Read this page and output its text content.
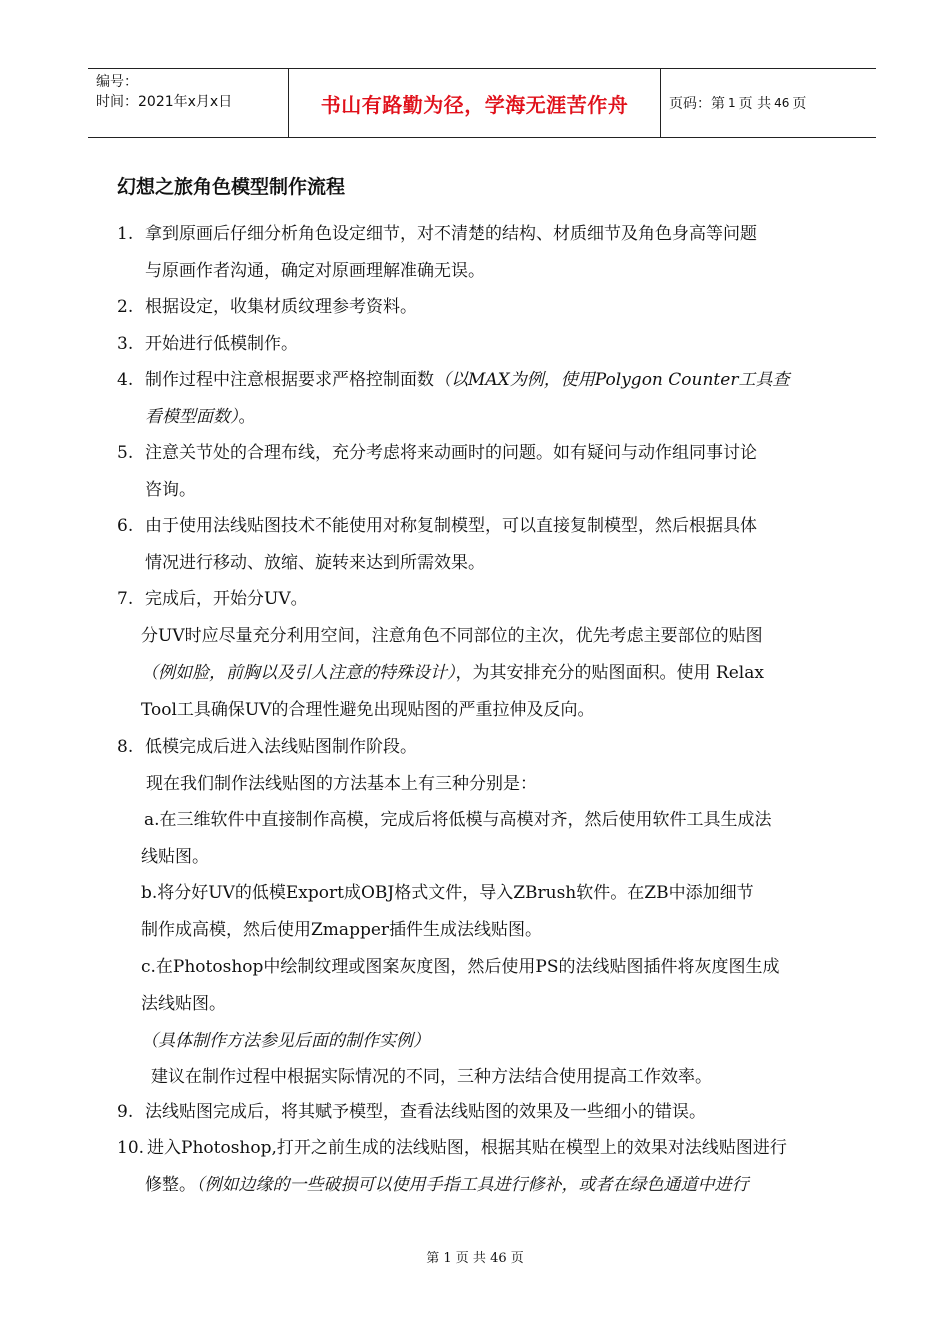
编号：
时间：2021年x月x日	书山有路勤为径，学海无涯苦作舟	页码：第 1 页 共 46 页
幻想之旅角色模型制作流程
1. 拿到原画后仔细分析角色设定细节，对不清楚的结构、材质细节及角色身高等问题
与原画作者沟通，确定对原画理解准确无误。
2. 根据设定，收集材质纹理参考资料。
3. 开始进行低模制作。
4. 制作过程中注意根据要求严格控制面数（以MAX为例，使用Polygon Counter工具查
看模型面数）。
5. 注意关节处的合理布线，充分考虑将来动画时的问题。如有疑问与动作组同事讨论
咨询。
6. 由于使用法线贴图技术不能使用对称复制模型，可以直接复制模型，然后根据具体
情况进行移动、放缩、旋转来达到所需效果。
7. 完成后，开始分UV。
分UV时应尽量充分利用空间，注意角色不同部位的主次，优先考虑主要部位的贴图
（例如脸，前胸以及引人注意的特殊设计），为其安排充分的贴图面积。使用 Relax
Tool工具确保UV的合理性避免出现贴图的严重拉伸及反向。
8. 低模完成后进入法线贴图制作阶段。
现在我们制作法线贴图的方法基本上有三种分别是：
a.在三维软件中直接制作高模，完成后将低模与高模对齐，然后使用软件工具生成法
线贴图。
b.将分好UV的低模Export成OBJ格式文件，导入ZBrush软件。在ZB中添加细节
制作成高模，然后使用Zmapper插件生成法线贴图。
c.在Photoshop中绘制纹理或图案灰度图，然后使用PS的法线贴图插件将灰度图生成
法线贴图。
（具体制作方法参见后面的制作实例）
建议在制作过程中根据实际情况的不同，三种方法结合使用提高工作效率。
9. 法线贴图完成后，将其赋予模型，查看法线贴图的效果及一些细小的错误。
10. 进入Photoshop,打开之前生成的法线贴图，根据其贴在模型上的效果对法线贴图进行
修整。（例如边缘的一些破损可以使用手指工具进行修补，或者在绿色通道中进行
第 1 页 共 46 页
